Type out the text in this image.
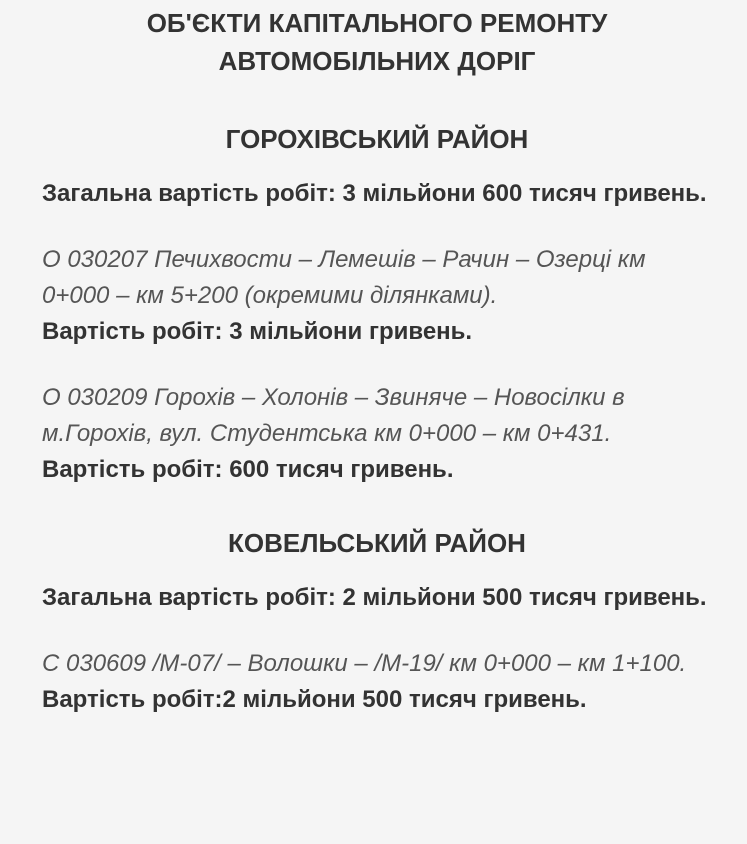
ОБ'ЄКТИ КАПІТАЛЬНОГО РЕМОНТУ
АВТОМОБІЛЬНИХ ДОРІГ
ГОРОХІВСЬКИЙ РАЙОН

Загальна вартість робіт: 3 мільйони 600 тисяч гривень.

О 030207 Печихвости – Лемешів – Рачин – Озерці км 0+000 – км 5+200 (окремими ділянками).
Вартість робіт: 3 мільйони гривень.

О 030209 Горохів – Холонів – Звиняче – Новосілки в м.Горохів, вул. Студентська км 0+000 – км 0+431.
Вартість робіт: 600 тисяч гривень.

КОВЕЛЬСЬКИЙ РАЙОН

Загальна вартість робіт: 2 мільйони 500 тисяч гривень.

С 030609 /М-07/ – Волошки – /М-19/ км 0+000 – км 1+100. Вартість робіт:2 мільйони 500 тисяч гривень.
